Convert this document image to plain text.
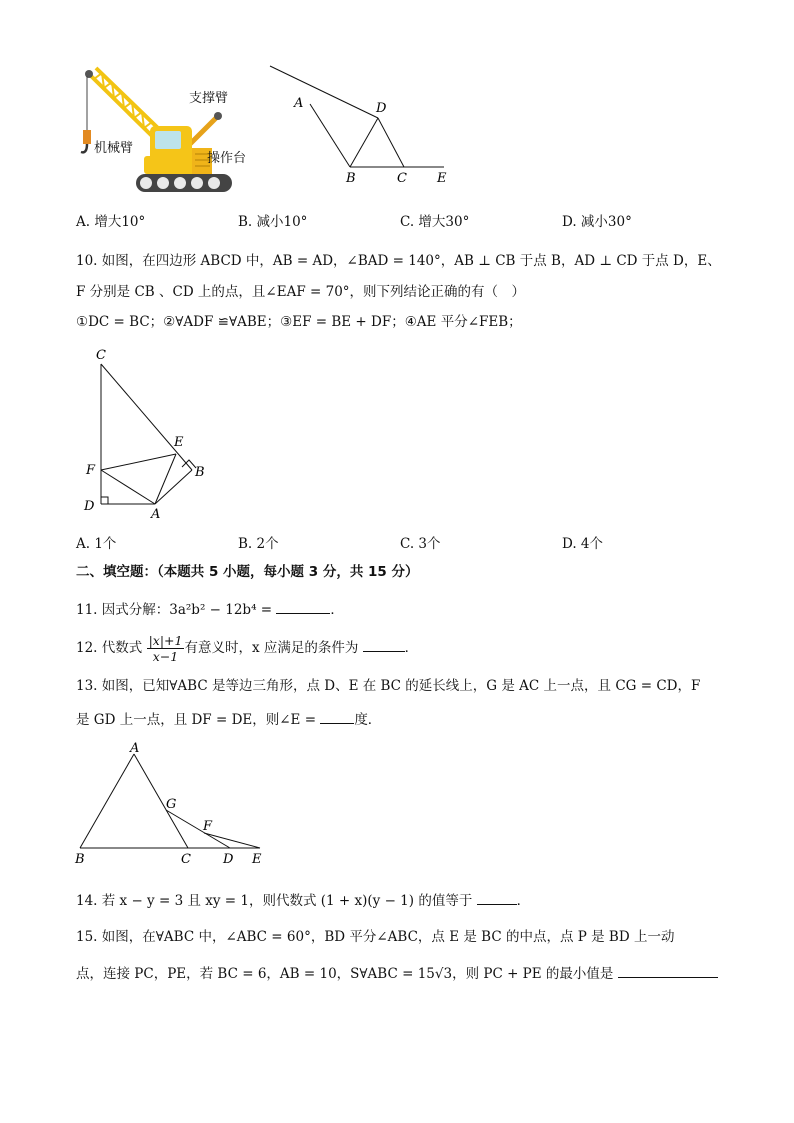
支撑臂
机械臂
操作台
A	D
B	C E
A. 增大10°	B. 减小10°	C. 增大30°	D. 减小30°
10. 如图，在四边形 ABCD 中，AB = AD，∠BAD = 140°，AB ⊥ CB 于点 B，AD ⊥ CD 于点 D，E、
F 分别是 CB 、CD 上的点，且∠EAF = 70°，则下列结论正确的有（　）
①DC = BC；②∀ADF ≌∀ABE；③EF = BE + DF；④AE 平分∠FEB；
C
E
F	B
D
A
A. 1个	B. 2个	C. 3个	D. 4个
二、填空题：（本题共 5 小题，每小题 3 分，共 15 分）
11. 因式分解：3a²b² − 12b⁴ =	．
12. 代数式 $\frac{|x|+1}{x-1}$ 有意义时，x 应满足的条件为	．
13. 如图，已知∀ABC 是等边三角形，点 D、E 在 BC 的延长线上，G 是 AC 上一点，且 CG = CD，F
是 GD 上一点，且 DF = DE，则∠E =	度．
A
G
F
B	C D E
14. 若 x − y = 3 且 xy = 1，则代数式 (1 + x)(y − 1) 的值等于	．
15. 如图，在∀ABC 中，∠ABC = 60°，BD 平分∠ABC，点 E 是 BC 的中点，点 P 是 BD 上一动
点，连接 PC，PE，若 BC = 6，AB = 10，S∀ABC = 15√3，则 PC + PE 的最小值是
